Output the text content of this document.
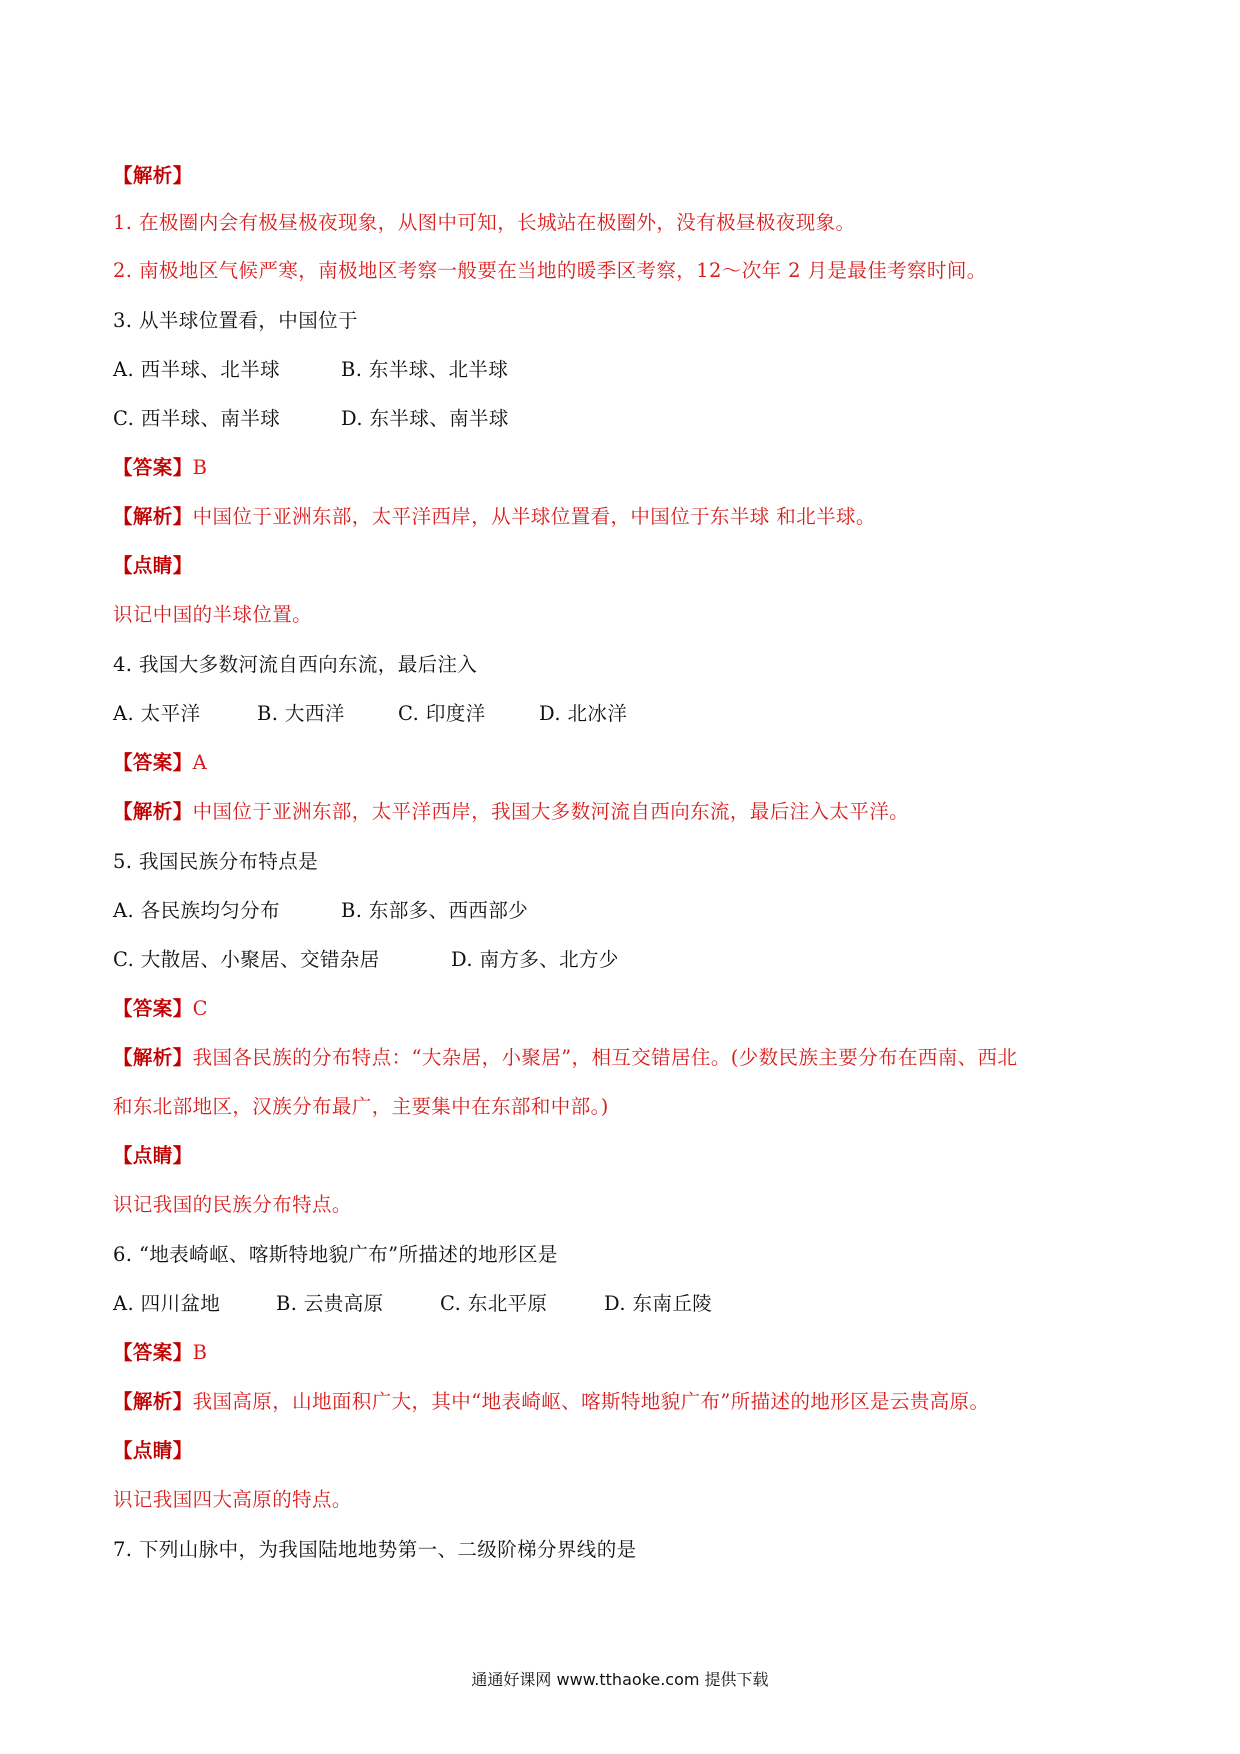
【解析】
1. 在极圈内会有极昼极夜现象，从图中可知，长城站在极圈外，没有极昼极夜现象。
2. 南极地区气候严寒，南极地区考察一般要在当地的暖季区考察，12～次年 2 月是最佳考察时间。
3. 从半球位置看，中国位于
A. 西半球、北半球	B. 东半球、北半球
C. 西半球、南半球	D. 东半球、南半球
【答案】B
【解析】中国位于亚洲东部，太平洋西岸，从半球位置看，中国位于东半球 和北半球。
【点睛】
识记中国的半球位置。
4. 我国大多数河流自西向东流，最后注入
A. 太平洋	B. 大西洋	C. 印度洋	D. 北冰洋
【答案】A
【解析】中国位于亚洲东部，太平洋西岸，我国大多数河流自西向东流，最后注入太平洋。
5. 我国民族分布特点是
A. 各民族均匀分布	B. 东部多、西西部少
C. 大散居、小聚居、交错杂居	D. 南方多、北方少
【答案】C
【解析】我国各民族的分布特点：“大杂居，小聚居”，相互交错居住。(少数民族主要分布在西南、西北
和东北部地区，汉族分布最广，主要集中在东部和中部。)
【点睛】
识记我国的民族分布特点。
6. “地表崎岖、喀斯特地貌广布”所描述的地形区是
A. 四川盆地	B. 云贵高原	C. 东北平原	D. 东南丘陵
【答案】B
【解析】我国高原，山地面积广大，其中“地表崎岖、喀斯特地貌广布”所描述的地形区是云贵高原。
【点睛】
识记我国四大高原的特点。
7. 下列山脉中，为我国陆地地势第一、二级阶梯分界线的是
通通好课网 www.tthaoke.com 提供下载
